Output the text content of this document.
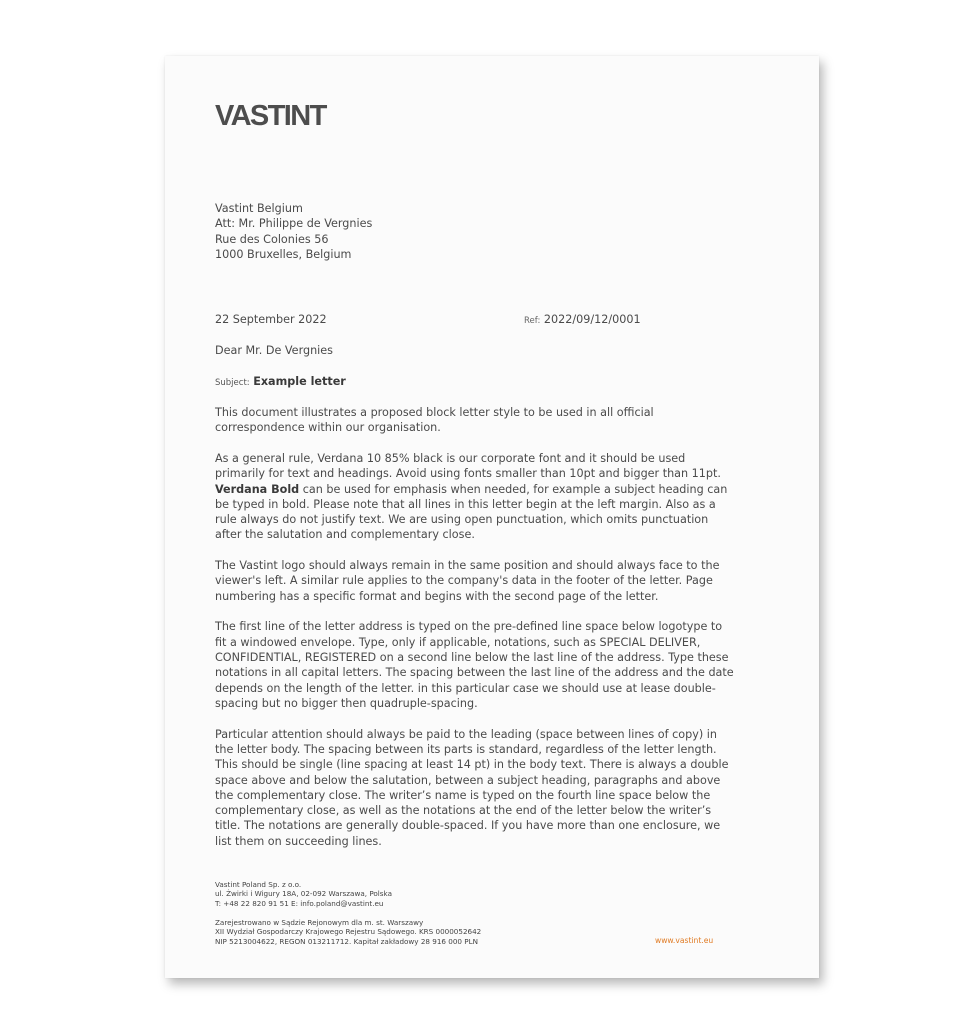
VASTINT
Vastint Belgium
Att: Mr. Philippe de Vergnies
Rue des Colonies 56
1000 Bruxelles, Belgium
22 September 2022	Ref: 2022/09/12/0001
Dear Mr. De Vergnies
Subject: Example letter
This document illustrates a proposed block letter style to be used in all official
correspondence within our organisation.
As a general rule, Verdana 10 85% black is our corporate font and it should be used
primarily for text and headings. Avoid using fonts smaller than 10pt and bigger than 11pt.
Verdana Bold can be used for emphasis when needed, for example a subject heading can
be typed in bold. Please note that all lines in this letter begin at the left margin. Also as a
rule always do not justify text. We are using open punctuation, which omits punctuation
after the salutation and complementary close.
The Vastint logo should always remain in the same position and should always face to the
viewer's left. A similar rule applies to the company's data in the footer of the letter. Page
numbering has a specific format and begins with the second page of the letter.
The first line of the letter address is typed on the pre-defined line space below logotype to
fit a windowed envelope. Type, only if applicable, notations, such as SPECIAL DELIVER,
CONFIDENTIAL, REGISTERED on a second line below the last line of the address. Type these
notations in all capital letters. The spacing between the last line of the address and the date
depends on the length of the letter. in this particular case we should use at lease double-
spacing but no bigger then quadruple-spacing.
Particular attention should always be paid to the leading (space between lines of copy) in
the letter body. The spacing between its parts is standard, regardless of the letter length.
This should be single (line spacing at least 14 pt) in the body text. There is always a double
space above and below the salutation, between a subject heading, paragraphs and above
the complementary close. The writer’s name is typed on the fourth line space below the
complementary close, as well as the notations at the end of the letter below the writer’s
title. The notations are generally double-spaced. If you have more than one enclosure, we
list them on succeeding lines.
Vastint Poland Sp. z o.o.
ul. Żwirki i Wigury 18A, 02-092 Warszawa, Polska
T: +48 22 820 91 51 E: info.poland@vastint.eu
Zarejestrowano w Sądzie Rejonowym dla m. st. Warszawy
XII Wydział Gospodarczy Krajowego Rejestru Sądowego. KRS 0000052642
NIP 5213004622, REGON 013211712. Kapitał zakładowy 28 916 000 PLN	www.vastint.eu
